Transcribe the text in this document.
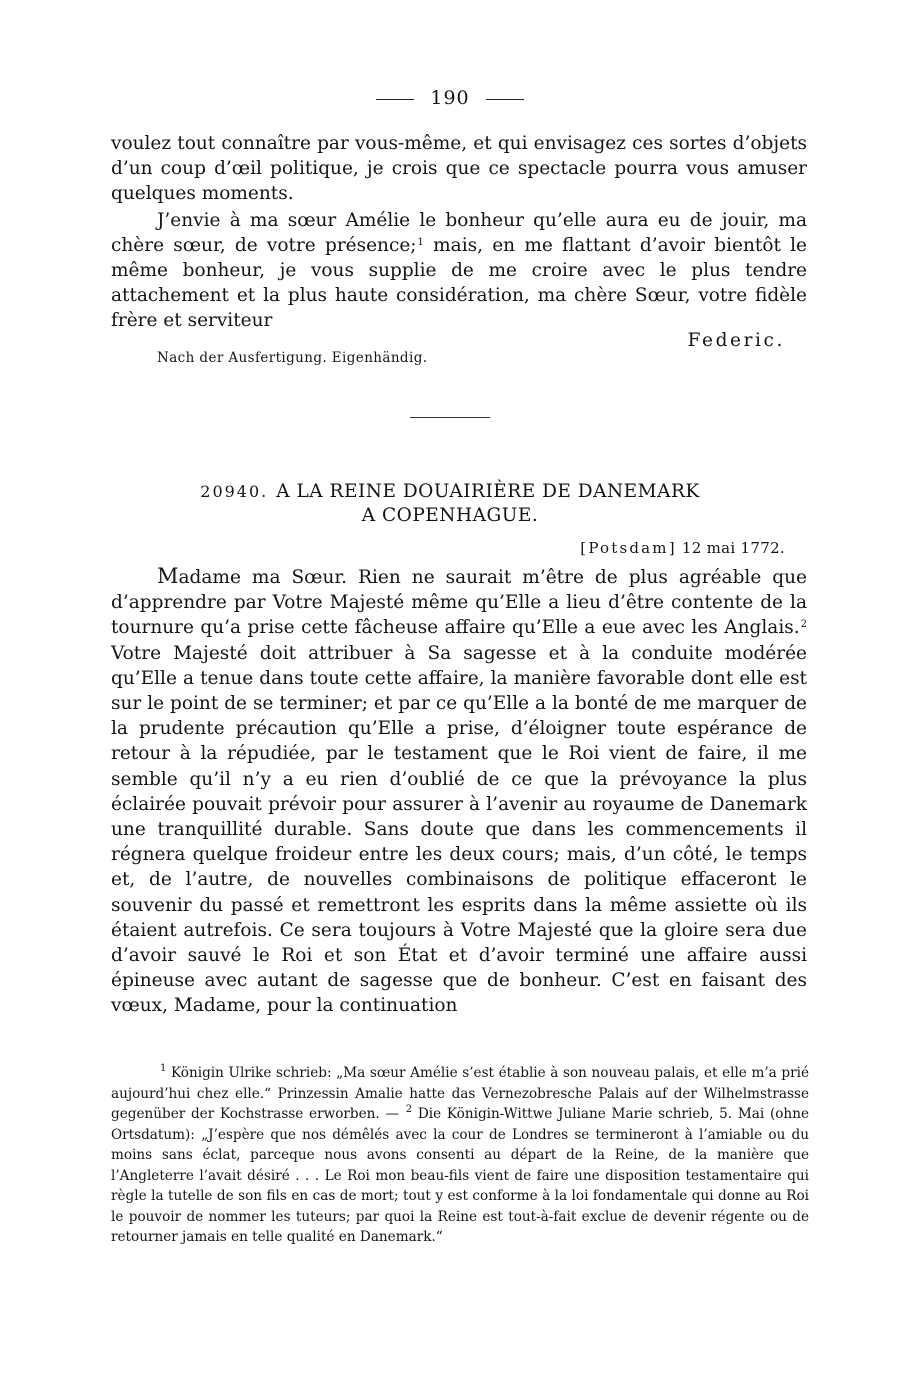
190

voulez tout connaître par vous-même, et qui envisagez ces sortes d’objets d’un coup d’œil politique, je crois que ce spectacle pourra vous amuser quelques moments.

J’envie à ma sœur Amélie le bonheur qu’elle aura eu de jouir, ma chère sœur, de votre présence;$^1$ mais, en me flattant d’avoir bientôt le même bonheur, je vous supplie de me croire avec le plus tendre attachement et la plus haute considération, ma chère Sœur, votre fidèle frère et serviteur

Federic.
Nach der Ausfertigung. Eigenhändig.
20940. A LA REINE DOUAIRIÈRE DE DANEMARK
A COPENHAGUE.
[Potsdam] 12 mai 1772.

Madame ma Sœur. Rien ne saurait m’être de plus agréable que d’apprendre par Votre Majesté même qu’Elle a lieu d’être contente de la tournure qu’a prise cette fâcheuse affaire qu’Elle a eue avec les Anglais.$^2$ Votre Majesté doit attribuer à Sa sagesse et à la conduite modérée qu’Elle a tenue dans toute cette affaire, la manière favorable dont elle est sur le point de se terminer; et par ce qu’Elle a la bonté de me marquer de la prudente précaution qu’Elle a prise, d’éloigner toute espérance de retour à la répudiée, par le testament que le Roi vient de faire, il me semble qu’il n’y a eu rien d’oublié de ce que la prévoyance la plus éclairée pouvait prévoir pour assurer à l’avenir au royaume de Danemark une tranquillité durable. Sans doute que dans les commencements il régnera quelque froideur entre les deux cours; mais, d’un côté, le temps et, de l’autre, de nouvelles combinaisons de politique effaceront le souvenir du passé et remettront les esprits dans la même assiette où ils étaient autrefois. Ce sera toujours à Votre Majesté que la gloire sera due d’avoir sauvé le Roi et son État et d’avoir terminé une affaire aussi épineuse avec autant de sagesse que de bonheur. C’est en faisant des vœux, Madame, pour la continuation

$^1$ Königin Ulrike schrieb: „Ma sœur Amélie s’est établie à son nouveau palais, et elle m’a prié aujourd’hui chez elle.“ Prinzessin Amalie hatte das Vernezobresche Palais auf der Wilhelmstrasse gegenüber der Kochstrasse erworben. — $^2$ Die Königin-Wittwe Juliane Marie schrieb, 5. Mai (ohne Ortsdatum): „J’espère que nos démêlés avec la cour de Londres se termineront à l’amiable ou du moins sans éclat, parceque nous avons consenti au départ de la Reine, de la manière que l’Angleterre l’avait désiré . . . Le Roi mon beau-fils vient de faire une disposition testamentaire qui règle la tutelle de son fils en cas de mort; tout y est conforme à la loi fondamentale qui donne au Roi le pouvoir de nommer les tuteurs; par quoi la Reine est tout-à-fait exclue de devenir régente ou de retourner jamais en telle qualité en Danemark.“
